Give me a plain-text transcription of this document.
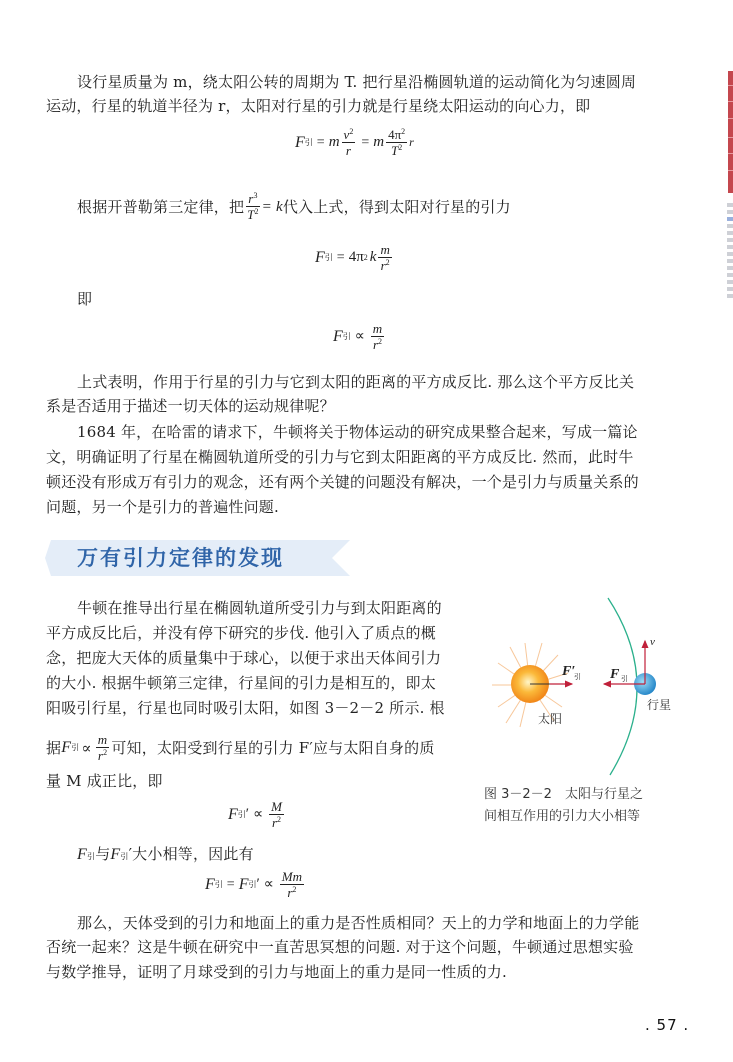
设行星质量为 m，绕太阳公转的周期为 T. 把行星沿椭圆轨道的运动简化为匀速圆周
运动，行星的轨道半径为 r，太阳对行星的引力就是行星绕太阳运动的向心力，即
F 引 = m $\frac{v^2}{r} = m \frac{4\pi^2}{T^2}$ r
根据开普勒第三定律，把 $\frac{r^3}{T^2} = k$ 代入上式，得到太阳对行星的引力
F 引 = 4π 2 k $\frac{m}{r^2}$
即
F 引 ∝ $\frac{m}{r^2}$
上式表明，作用于行星的引力与它到太阳的距离的平方成反比. 那么这个平方反比关
系是否适用于描述一切天体的运动规律呢？
1684 年，在哈雷的请求下，牛顿将关于物体运动的研究成果整合起来，写成一篇论
文，明确证明了行星在椭圆轨道所受的引力与它到太阳距离的平方成反比. 然而，此时牛
顿还没有形成万有引力的观念，还有两个关键的问题没有解决，一个是引力与质量关系的
问题，另一个是引力的普遍性问题.
万有引力定律的发现
牛顿在推导出行星在椭圆轨道所受引力与到太阳距离的
平方成反比后，并没有停下研究的步伐. 他引入了质点的概
念，把庞大天体的质量集中于球心，以便于求出天体间引力
的大小. 根据牛顿第三定律，行星间的引力是相互的，即太
阳吸引行星，行星也同时吸引太阳，如图 3－2－2 所示. 根
据 F 引 ∝ $\frac{m}{r^2}$ 可知，太阳受到行星的引力 F′应与太阳自身的质
量 M 成正比，即
F 引 ′ ∝ $\frac{M}{r^2}$
F 引 与 F 引 ′大小相等，因此有
F 引 = F 引 ′ ∝ $\frac{Mm}{r^2}$
那么，天体受到的引力和地面上的重力是否性质相同？天上的力学和地面上的力学能
否统一起来？这是牛顿在研究中一直苦思冥想的问题. 对于这个问题，牛顿通过思想实验
与数学推导，证明了月球受到的引力与地面上的重力是同一性质的力.
F′
引 F 引
v
行星
太阳
图 3－2－2　太阳与行星之
间相互作用的引力大小相等
. 57 .
